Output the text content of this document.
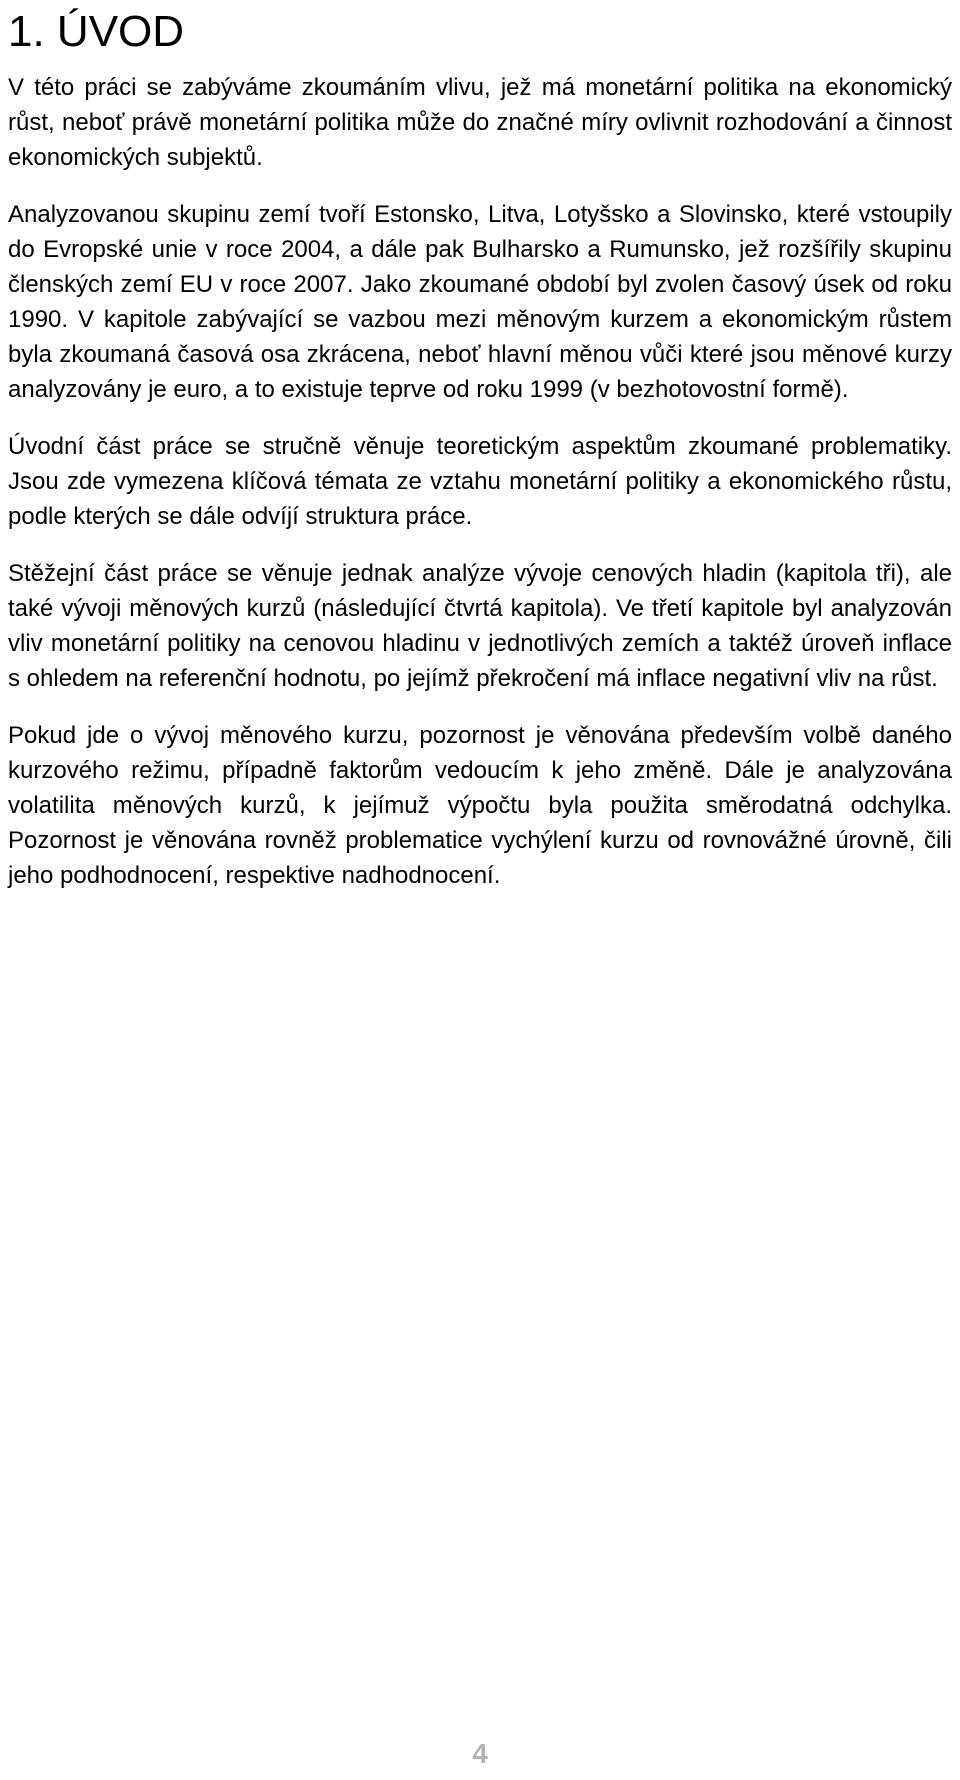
1. ÚVOD

V této práci se zabýváme zkoumáním vlivu, jež má monetární politika na ekonomický růst, neboť právě monetární politika může do značné míry ovlivnit rozhodování a činnost ekonomických subjektů.

Analyzovanou skupinu zemí tvoří Estonsko, Litva, Lotyšsko a Slovinsko, které vstoupily do Evropské unie v roce 2004, a dále pak Bulharsko a Rumunsko, jež rozšířily skupinu členských zemí EU v roce 2007. Jako zkoumané období byl zvolen časový úsek od roku 1990. V kapitole zabývající se vazbou mezi měnovým kurzem a ekonomickým růstem byla zkoumaná časová osa zkrácena, neboť hlavní měnou vůči které jsou měnové kurzy analyzovány je euro, a to existuje teprve od roku 1999 (v bezhotovostní formě).

Úvodní část práce se stručně věnuje teoretickým aspektům zkoumané problematiky. Jsou zde vymezena klíčová témata ze vztahu monetární politiky a ekonomického růstu, podle kterých se dále odvíjí struktura práce.

Stěžejní část práce se věnuje jednak analýze vývoje cenových hladin (kapitola tři), ale také vývoji měnových kurzů (následující čtvrtá kapitola). Ve třetí kapitole byl analyzován vliv monetární politiky na cenovou hladinu v jednotlivých zemích a taktéž úroveň inflace s ohledem na referenční hodnotu, po jejímž překročení má inflace negativní vliv na růst.

Pokud jde o vývoj měnového kurzu, pozornost je věnována především volbě daného kurzového režimu, případně faktorům vedoucím k jeho změně. Dále je analyzována volatilita měnových kurzů, k jejímuž výpočtu byla použita směrodatná odchylka. Pozornost je věnována rovněž problematice vychýlení kurzu od rovnovážné úrovně, čili jeho podhodnocení, respektive nadhodnocení.

4
